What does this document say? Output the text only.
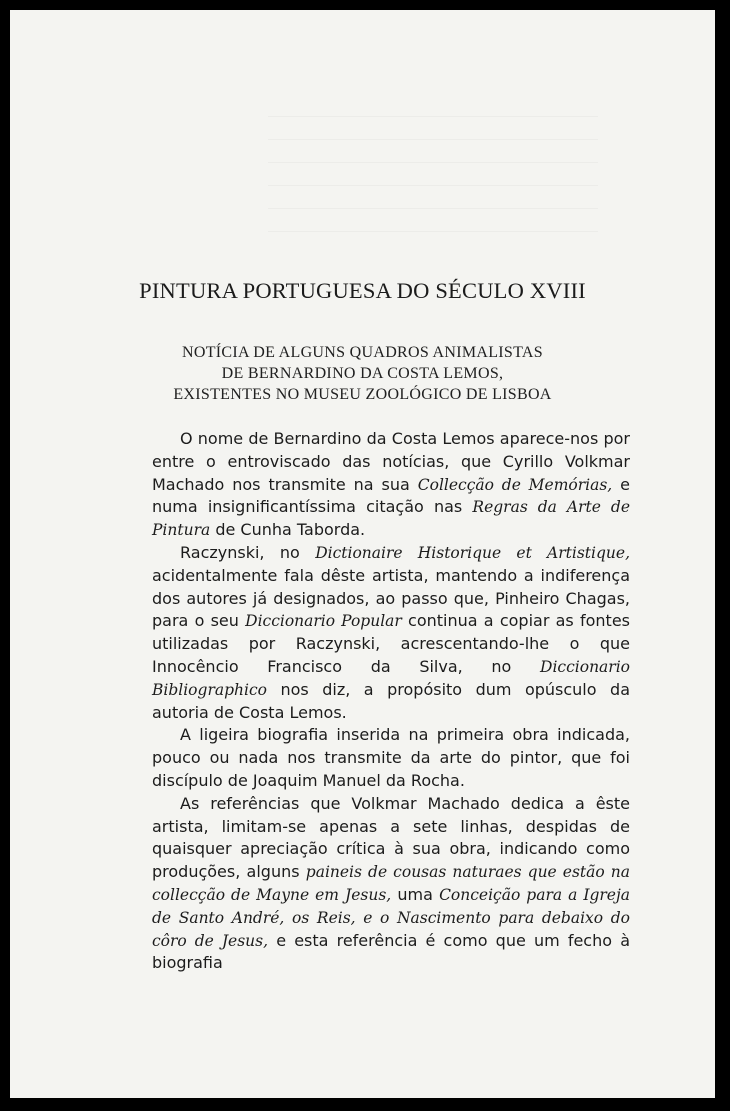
PINTURA PORTUGUESA DO SÉCULO XVIII
NOTÍCIA DE ALGUNS QUADROS ANIMALISTAS
DE BERNARDINO DA COSTA LEMOS,
EXISTENTES NO MUSEU ZOOLÓGICO DE LISBOA

O nome de Bernardino da Costa Lemos aparece-nos por entre o entroviscado das notícias, que Cyrillo Volkmar Machado nos transmite na sua Collecção de Memórias, e numa insignificantíssima citação nas Regras da Arte de Pintura de Cunha Taborda.

Raczynski, no Dictionaire Historique et Artistique, acidentalmente fala dêste artista, mantendo a indiferença dos autores já designados, ao passo que, Pinheiro Chagas, para o seu Diccionario Popular continua a copiar as fontes utilizadas por Raczynski, acrescentando-lhe o que Innocêncio Francisco da Silva, no Diccionario Bibliographico nos diz, a propósito dum opúsculo da autoria de Costa Lemos.

A ligeira biografia inserida na primeira obra indicada, pouco ou nada nos transmite da arte do pintor, que foi discípulo de Joaquim Manuel da Rocha.

As referências que Volkmar Machado dedica a êste artista, limitam-se apenas a sete linhas, despidas de quaisquer apreciação crítica à sua obra, indicando como produções, alguns paineis de cousas naturaes que estão na collecção de Mayne em Jesus, uma Conceição para a Igreja de Santo André, os Reis, e o Nascimento para debaixo do côro de Jesus, e esta referência é como que um fecho à biografia
